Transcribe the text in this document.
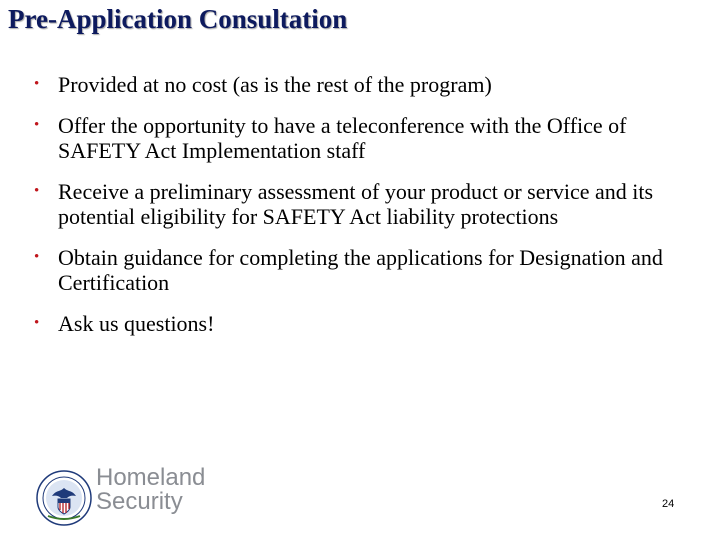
Pre-Application Consultation
• Provided at no cost (as is the rest of the program)
• Offer the opportunity to have a teleconference with the Office of SAFETY Act Implementation staff
• Receive a preliminary assessment of your product or service and its potential eligibility for SAFETY Act liability protections
• Obtain guidance for completing the applications for Designation and Certification
• Ask us questions!
Homeland
Security	24
